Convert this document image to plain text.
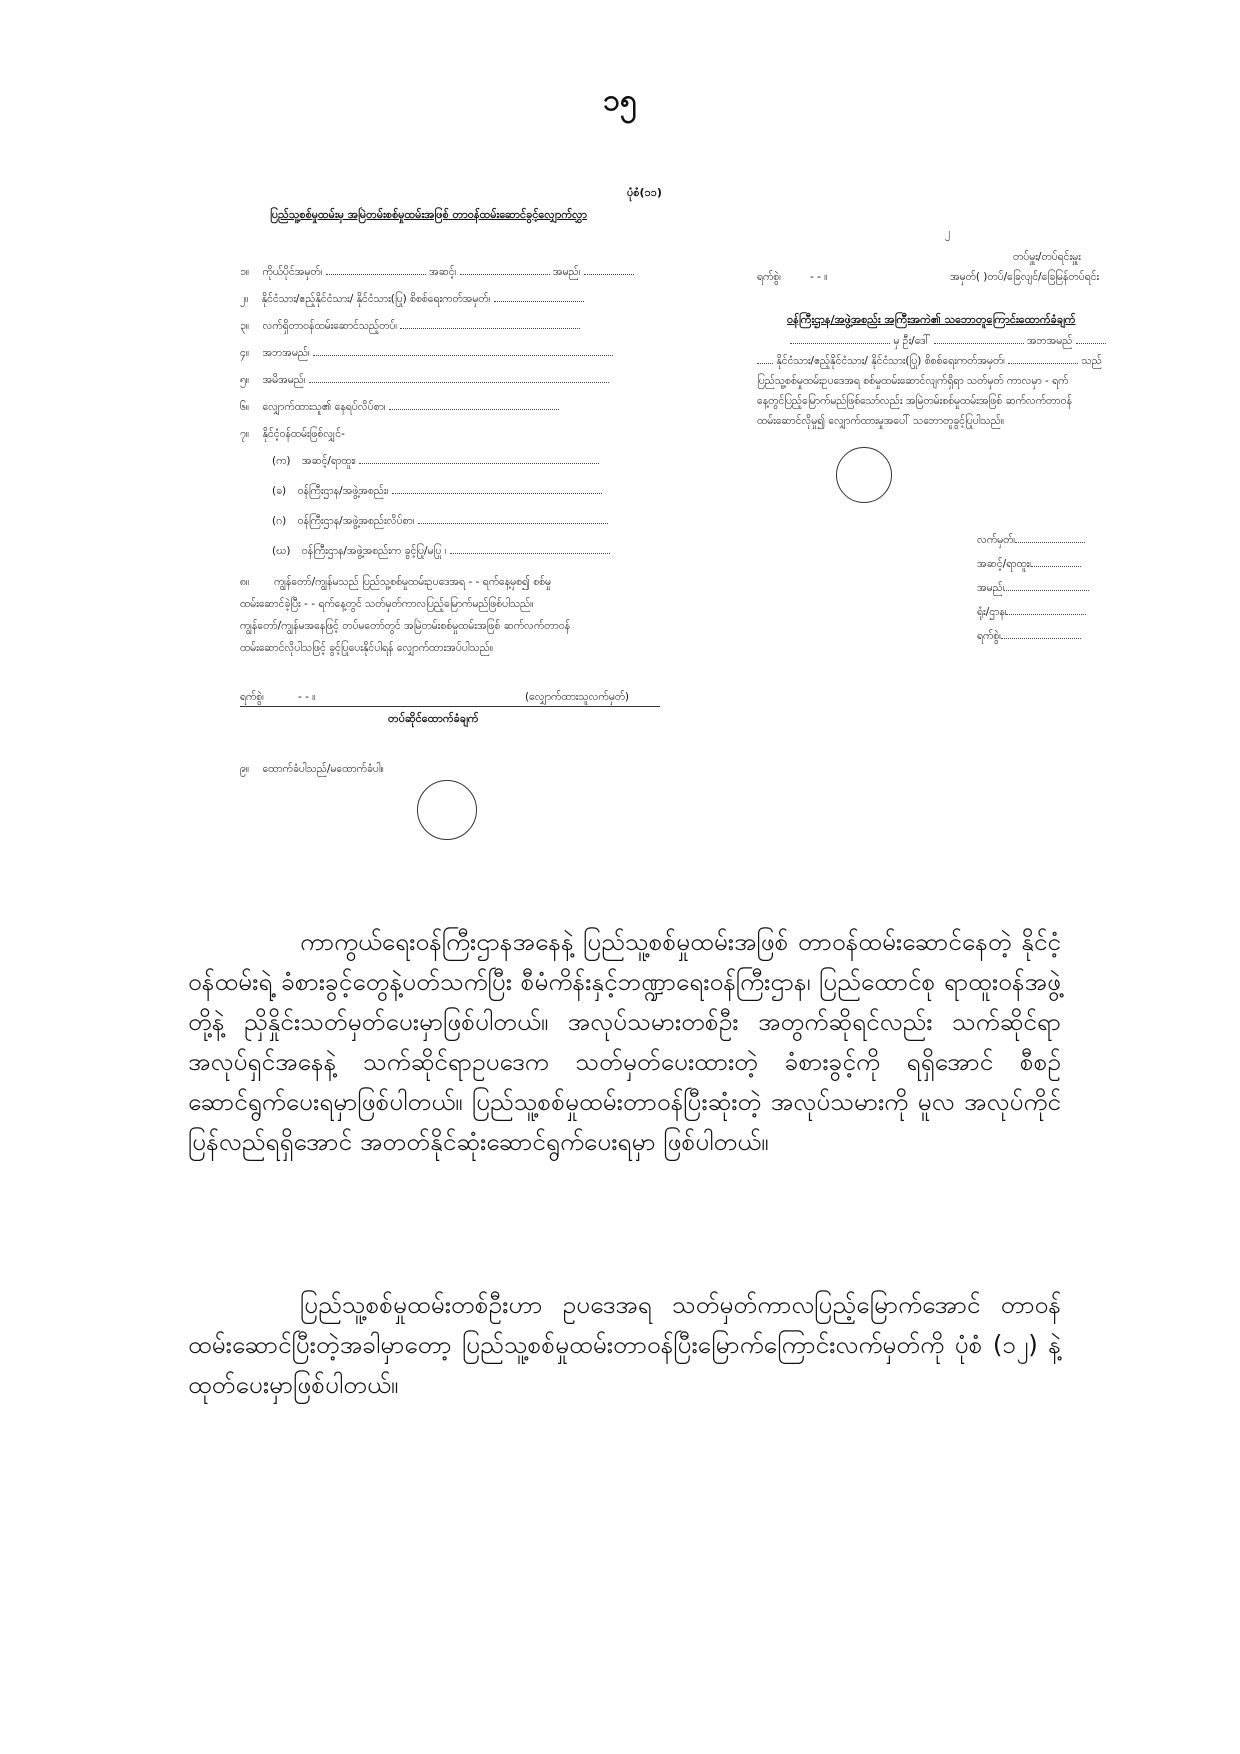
၁၅
ပုံစံ(၁၁)
ပြည်သူ့စစ်မှုထမ်းမှ အမြဲတမ်းစစ်မှုထမ်းအဖြစ် တာဝန်ထမ်းဆောင်ခွင့်လျှောက်လွှာ
၁။ ကိုယ်ပိုင်အမှတ်၊	အဆင့်၊	အမည်၊
၂။ နိုင်ငံသား/ဧည့်နိုင်ငံသား/ နိုင်ငံသား(ပြု) စိစစ်ရေးကတ်အမှတ်၊
၃။ လက်ရှိတာဝန်ထမ်းဆောင်သည့်တပ်၊
၄။ အဘအမည်၊
၅။ အမိအမည်၊
၆။ လျှောက်ထားသူ၏ နေရပ်လိပ်စာ၊
၇။ နိုင်ငံ့ဝန်ထမ်းဖြစ်လျှင်-
(က) အဆင့်/ရာထူး၊
(ခ) ဝန်ကြီးဌာန/အဖွဲ့အစည်း၊
(ဂ) ဝန်ကြီးဌာန/အဖွဲ့အစည်းလိပ်စာ၊
(ဃ) ဝန်ကြီးဌာန/အဖွဲ့အစည်းက ခွင့်ပြု/မပြု ၊
၈။ ကျွန်တော်/ကျွန်မသည် ပြည်သူ့စစ်မှုထမ်းဥပဒေအရ - - ရက်နေ့မှစ၍ စစ်မှု
ထမ်းဆောင်ခဲ့ပြီး - - ရက်နေ့တွင် သတ်မှတ်ကာလပြည့်မြောက်မည်ဖြစ်ပါသည်။
ကျွန်တော်/ကျွန်မအနေဖြင့် တပ်မတော်တွင် အမြဲတမ်းစစ်မှုထမ်းအဖြစ် ဆက်လက်တာဝန်
ထမ်းဆောင်လိုပါသဖြင့် ခွင့်ပြုပေးနိုင်ပါရန် လျှောက်ထားအပ်ပါသည်။
ရက်စွဲ၊	- - ။	(လျှောက်ထားသူလက်မှတ်)
တပ်ဆိုင်ထောက်ခံချက်
၉။ ထောက်ခံပါသည်/မထောက်ခံပါ။
၂
တပ်မှူး/တပ်ရင်းမှူး
ရက်စွဲ၊	- - ။	အမှတ်( )တပ်/ခြေလျင်/ခြေမြန်တပ်ရင်း
ဝန်ကြီးဌာန/အဖွဲ့အစည်း အကြီးအကဲ၏ သဘောတူကြောင်းထောက်ခံချက်
မှ ဦး/ဒေါ်	အဘအမည်
နိုင်ငံသား/ဧည့်နိုင်ငံသား/ နိုင်ငံသား(ပြု) စိစစ်ရေးကတ်အမှတ်၊	သည်
ပြည်သူ့စစ်မှုထမ်းဥပဒေအရ စစ်မှုထမ်းဆောင်လျက်ရှိရာ သတ်မှတ် ကာလမှာ - ရက်
နေ့တွင်ပြည့်မြောက်မည်ဖြစ်သော်လည်း အမြဲတမ်းစစ်မှုထမ်းအဖြစ် ဆက်လက်တာဝန်
ထမ်းဆောင်လိုမှု၍ လျှောက်ထားမှုအပေါ် သဘောတူခွင့်ပြုပါသည်။
လက်မှတ်၊
အဆင့်/ရာထူး၊
အမည်၊
ရုံး/ဌာန၊
ရက်စွဲ၊
ကာကွယ်ရေးဝန်ကြီးဌာနအနေနဲ့ ပြည်သူ့စစ်မှုထမ်းအဖြစ် တာဝန်ထမ်းဆောင်နေတဲ့ နိုင်ငံ့ဝန်ထမ်းရဲ့ ခံစားခွင့်တွေနဲ့ပတ်သက်ပြီး စီမံကိန်းနှင့်ဘဏ္ဍာရေးဝန်ကြီးဌာန၊ ပြည်ထောင်စု ရာထူးဝန်အဖွဲ့တို့နဲ့ ညှိနှိုင်းသတ်မှတ်ပေးမှာဖြစ်ပါတယ်။ အလုပ်သမားတစ်ဦး အတွက်ဆိုရင်လည်း သက်ဆိုင်ရာအလုပ်ရှင်အနေနဲ့ သက်ဆိုင်ရာဥပဒေက သတ်မှတ်ပေးထားတဲ့ ခံစားခွင့်ကို ရရှိအောင် စီစဉ်ဆောင်ရွက်ပေးရမှာဖြစ်ပါတယ်။ ပြည်သူ့စစ်မှုထမ်းတာဝန်ပြီးဆုံးတဲ့ အလုပ်သမားကို မူလ အလုပ်ကိုင်ပြန်လည်ရရှိအောင် အတတ်နိုင်ဆုံးဆောင်ရွက်ပေးရမှာ ဖြစ်ပါတယ်။
ပြည်သူ့စစ်မှုထမ်းတစ်ဦးဟာ ဥပဒေအရ သတ်မှတ်ကာလပြည့်မြောက်အောင် တာဝန် ထမ်းဆောင်ပြီးတဲ့အခါမှာတော့ ပြည်သူ့စစ်မှုထမ်းတာဝန်ပြီးမြောက်ကြောင်းလက်မှတ်ကို ပုံစံ (၁၂) နဲ့ ထုတ်ပေးမှာဖြစ်ပါတယ်။
